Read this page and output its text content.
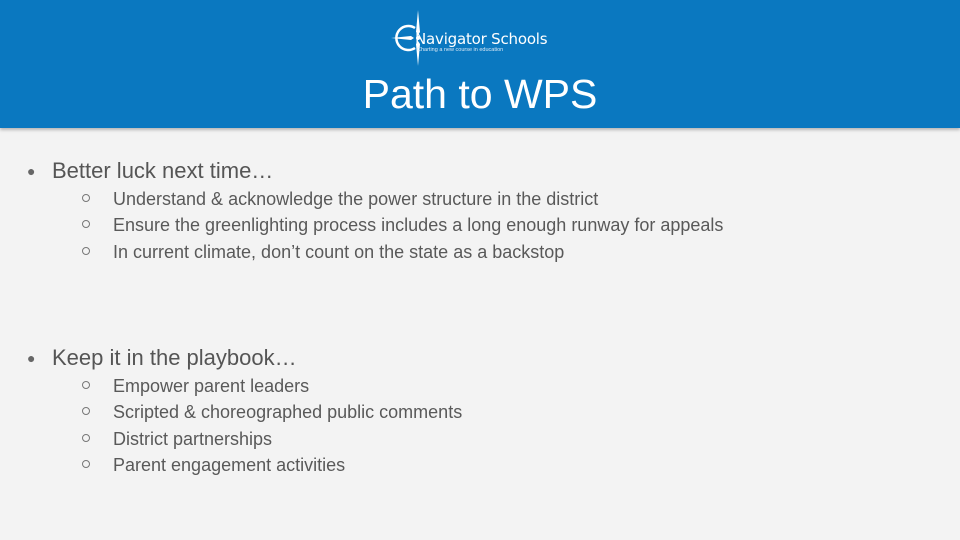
Navigator Schools
Charting a new course in education
Path to WPS
● Better luck next time…
Understand & acknowledge the power structure in the district
Ensure the greenlighting process includes a long enough runway for appeals
In current climate, don’t count on the state as a backstop
● Keep it in the playbook…
Empower parent leaders
Scripted & choreographed public comments
District partnerships
Parent engagement activities
